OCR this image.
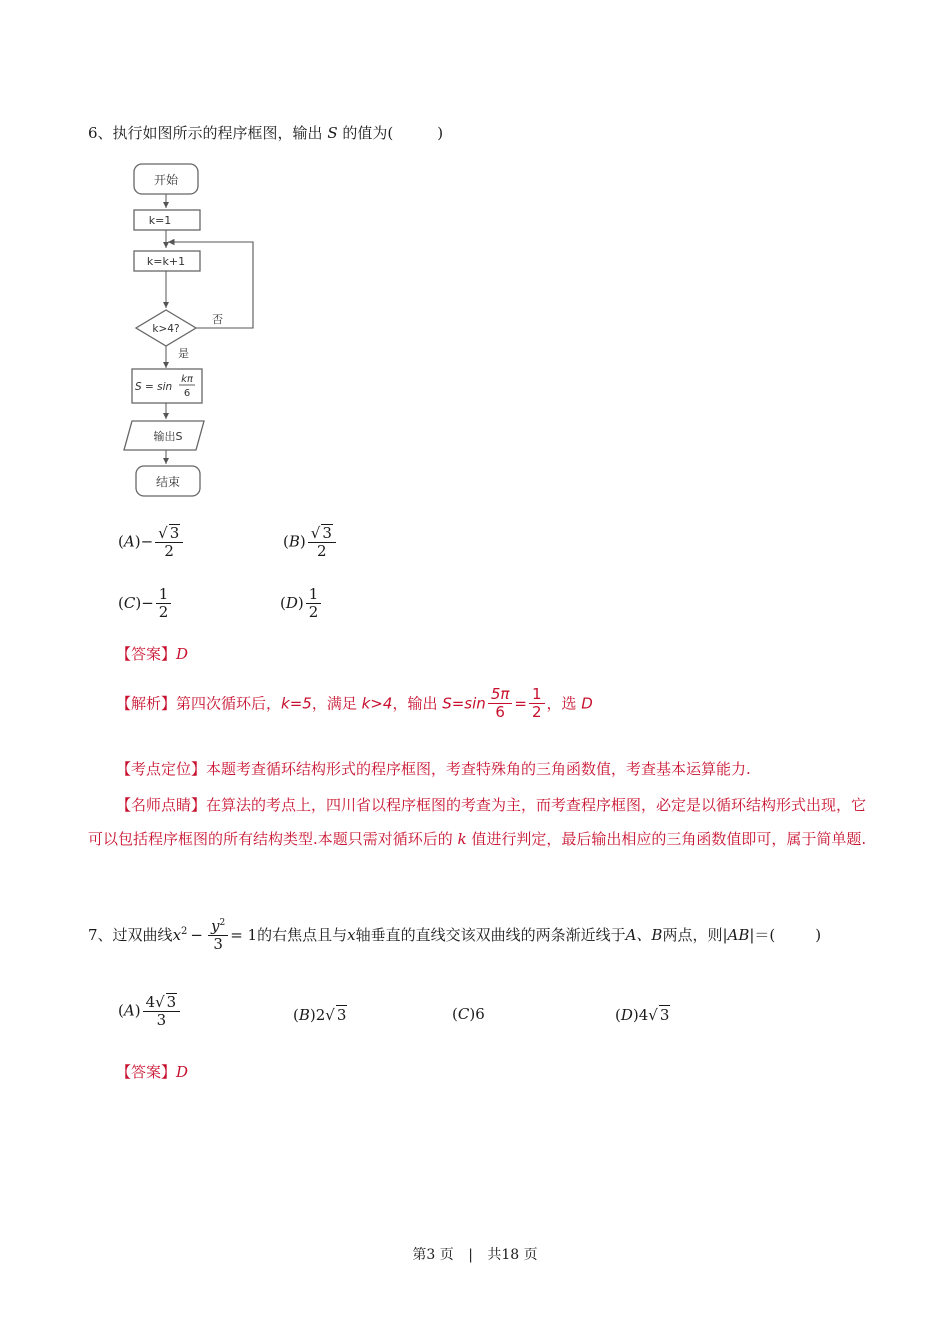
6、执行如图所示的程序框图，输出 S 的值为(	)
开始
k=1
k=k+1
k>4?
否
是
S = sin
kπ
6
输出S
结束
$(A)- \frac{√ 3}{2}$	$(B) \frac{√ 3}{2}$
$(C)- \frac{1}{2}$	$(D) \frac{1}{2}$
【答案】D
【解析】第四次循环后，k=5，满足 k>4，输出 $S=\sin \frac{5\pi}{6} = \frac{1}{2}$ ，选 D
【考点定位】本题考查循环结构形式的程序框图，考查特殊角的三角函数值，考查基本运算能力.
【名师点睛】在算法的考点上，四川省以程序框图的考查为主，而考查程序框图，必定是以循环结构形式出现，它可以包括程序框图的所有结构类型.本题只需对循环后的 k 值进行判定，最后输出相应的三角函数值即可，属于简单题.
7、过双曲线$x^2 - \frac{y^2}{3} = 1$的右焦点且与x轴垂直的直线交该双曲线的两条渐近线于A、B两点，则|AB|＝(	)
$(A) \frac{4√ 3}{3}$	(B)2√ 3	(C)6	(D)4√ 3
【答案】D
第3 页 | 共18 页
